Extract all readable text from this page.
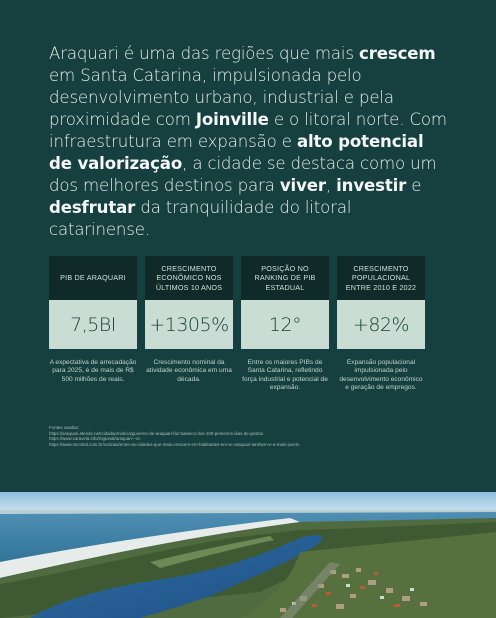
Araquari é uma das regiões que mais crescem em Santa Catarina, impulsionada pelo desenvolvimento urbano, industrial e pela proximidade com Joinville e o litoral norte. Com infraestrutura em expansão e alto potencial de valorização, a cidade se destaca como um dos melhores destinos para viver, investir e desfrutar da tranquilidade do litoral catarinense.

PIB DE ARAQUARI
7,5BI

A expectativa de arrecadação para 2025, é de mais de R$ 500 milhões de reais.

CRESCIMENTO ECONÔMICO NOS ÚLTIMOS 10 ANOS
+1305%

Crescimento nominal da atividade econômica em uma década.

POSIÇÃO NO RANKING DE PIB ESTADUAL
12°

Entre os maiores PIBs de Santa Catarina, refletindo força industrial e potencial de expansão.

CRESCIMENTO POPULACIONAL ENTRE 2010 E 2022
+82%

Expansão populacional impulsionada pelo desenvolvimento econômico e geração de empregos.

Fontes usadas:
https://araquari.atende.net/cidadao/noticia/governo-de-araquari-faz-balanco-dos-100-primeiros-dias-de-gestao
https://www.caravela.info/regional/araquari---sc
https://www.nsctotal.com.br/noticias/entre-as-cidades-que-mais-crescem-em-habitantes-em-sc-araquari-tambem-e-a-mais-jovem
